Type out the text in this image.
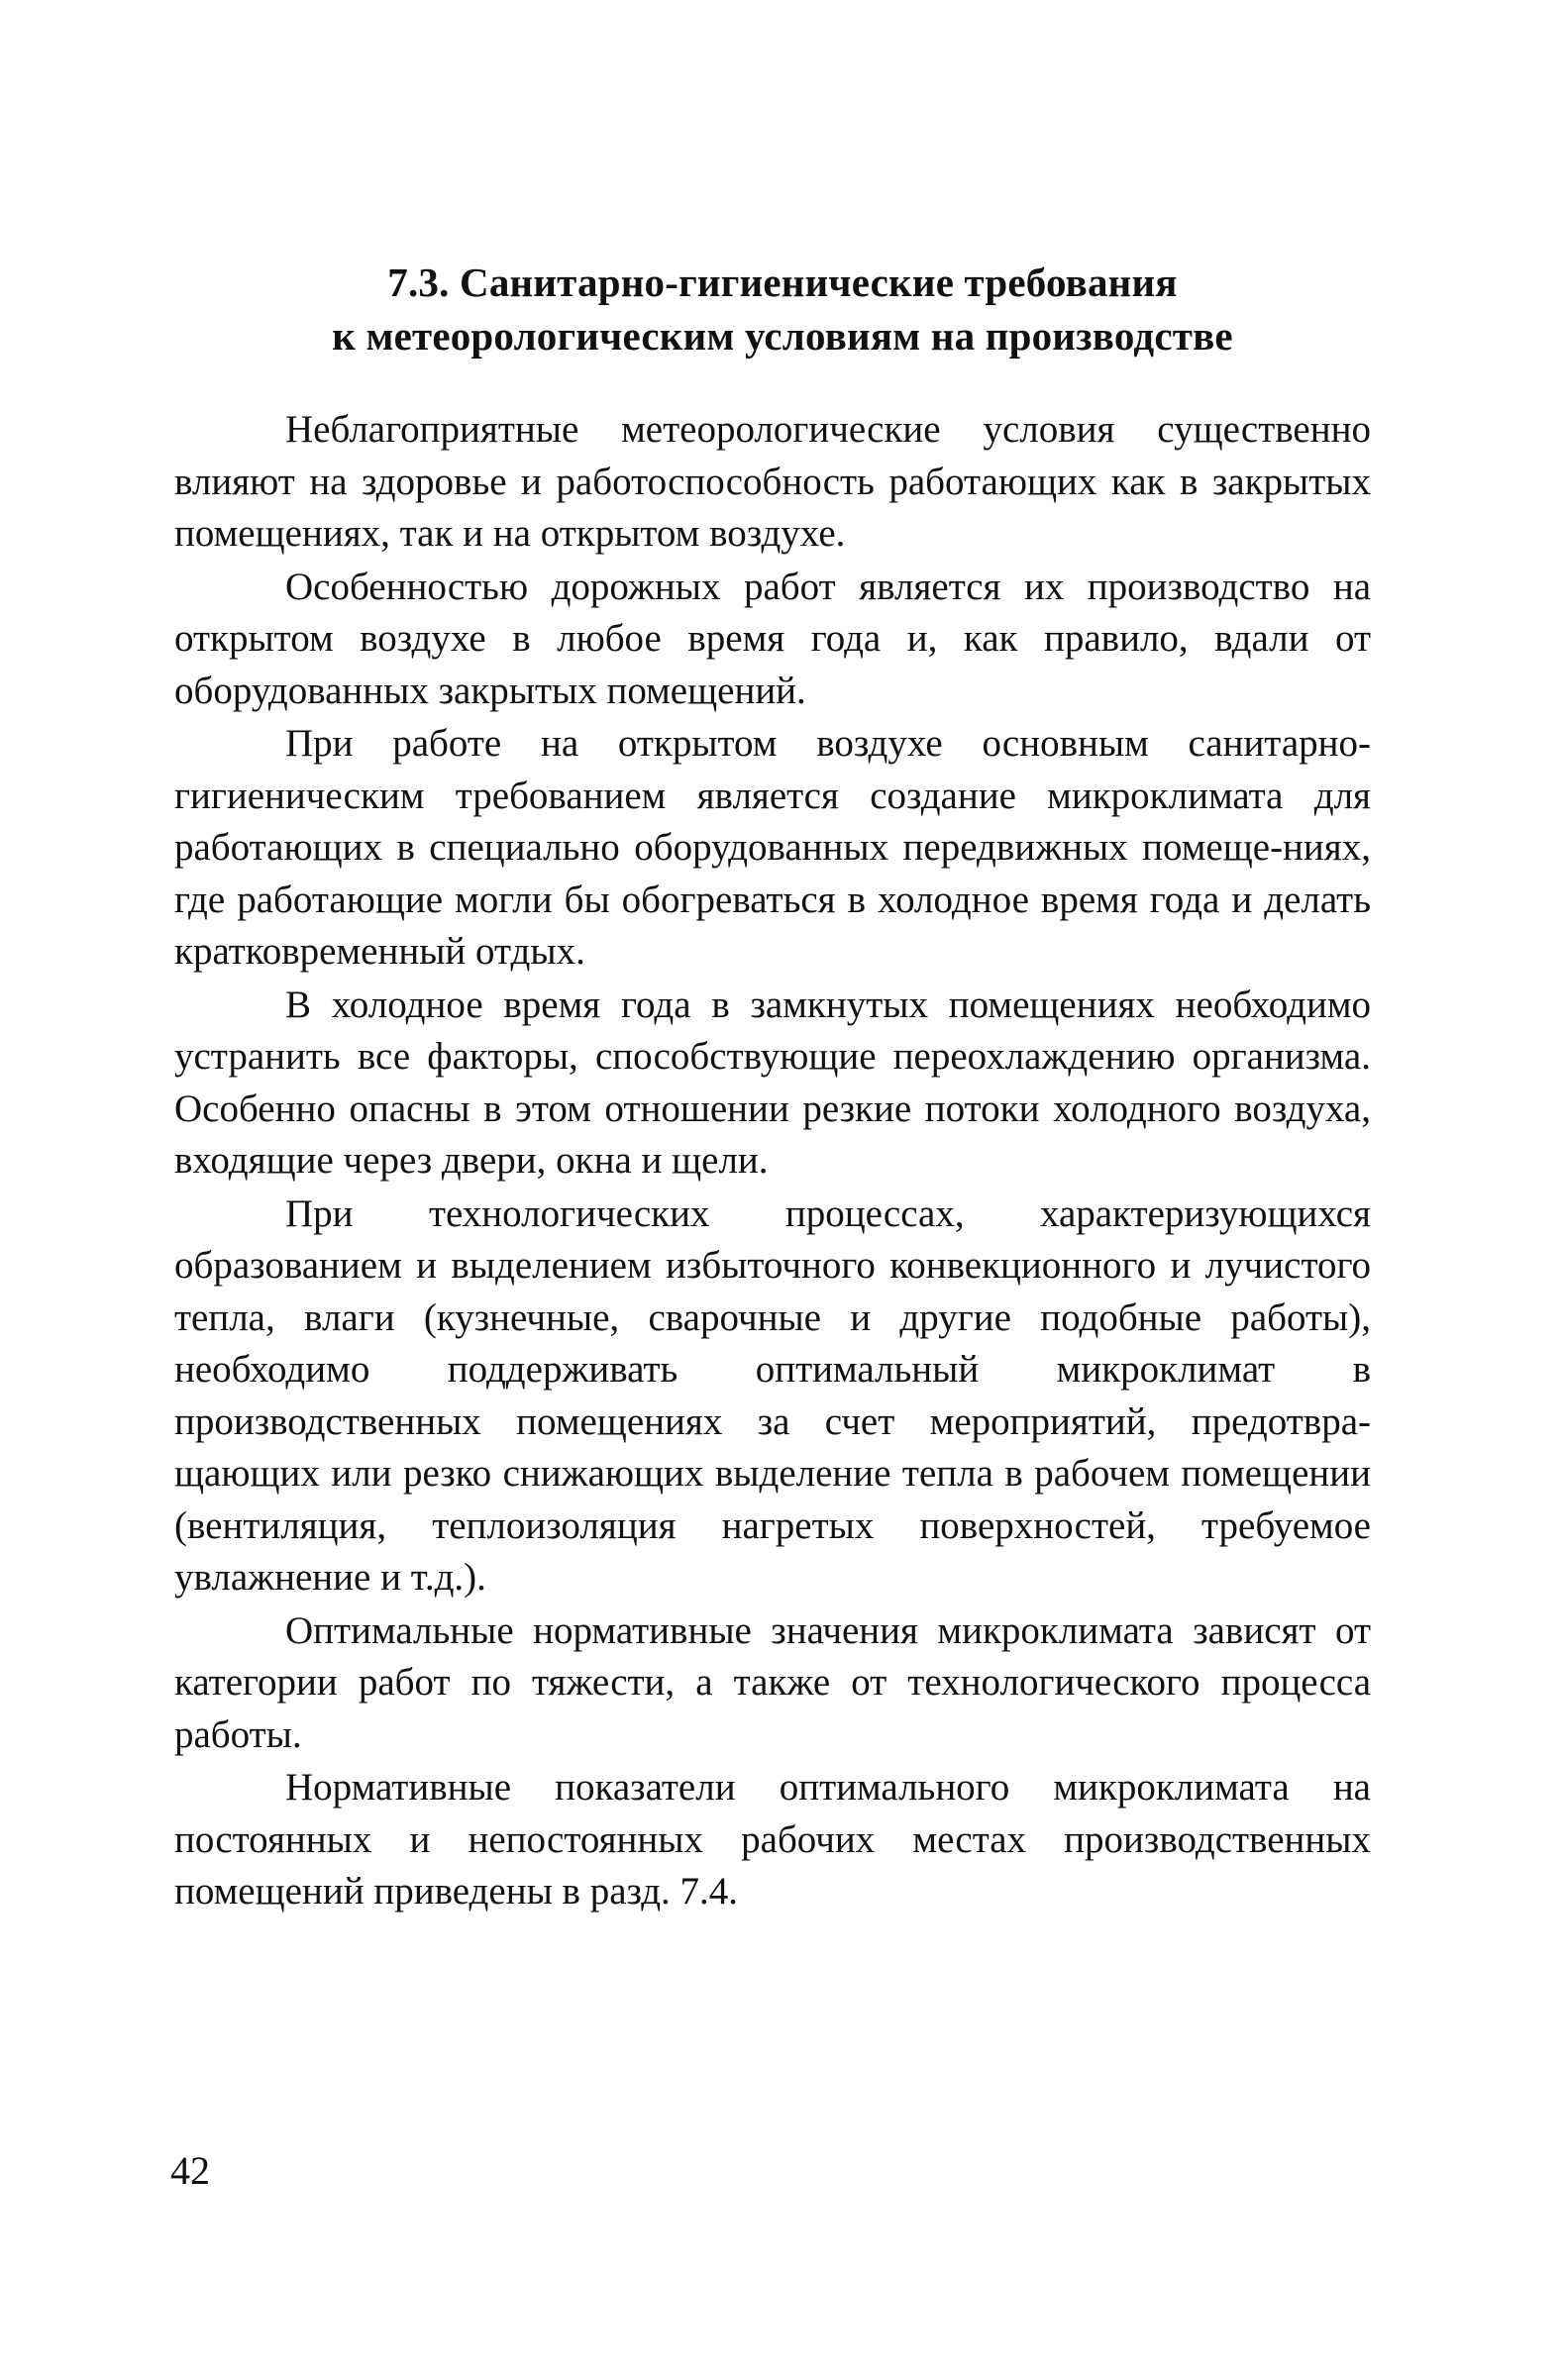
7.3. Санитарно-гигиенические требования
к метеорологическим условиям на производстве

Неблагоприятные метеорологические условия существенно влияют на здоровье и работоспособность работающих как в закрытых помещениях, так и на открытом воздухе.

Особенностью дорожных работ является их производство на открытом воздухе в любое время года и, как правило, вдали от оборудованных закрытых помещений.

При работе на открытом воздухе основным санитарно-гигиеническим требованием является создание микроклимата для работающих в специально оборудованных передвижных помеще-ниях, где работающие могли бы обогреваться в холодное время года и делать кратковременный отдых.

В холодное время года в замкнутых помещениях необходимо устранить все факторы, способствующие переохлаждению организма. Особенно опасны в этом отношении резкие потоки холодного воздуха, входящие через двери, окна и щели.

При технологических процессах, характеризующихся образованием и выделением избыточного конвекционного и лучистого тепла, влаги (кузнечные, сварочные и другие подобные работы), необходимо поддерживать оптимальный микроклимат в производственных помещениях за счет мероприятий, предотвра-щающих или резко снижающих выделение тепла в рабочем помещении (вентиляция, теплоизоляция нагретых поверхностей, требуемое увлажнение и т.д.).

Оптимальные нормативные значения микроклимата зависят от категории работ по тяжести, а также от технологического процесса работы.

Нормативные показатели оптимального микроклимата на постоянных и непостоянных рабочих местах производственных помещений приведены в разд. 7.4.

42
